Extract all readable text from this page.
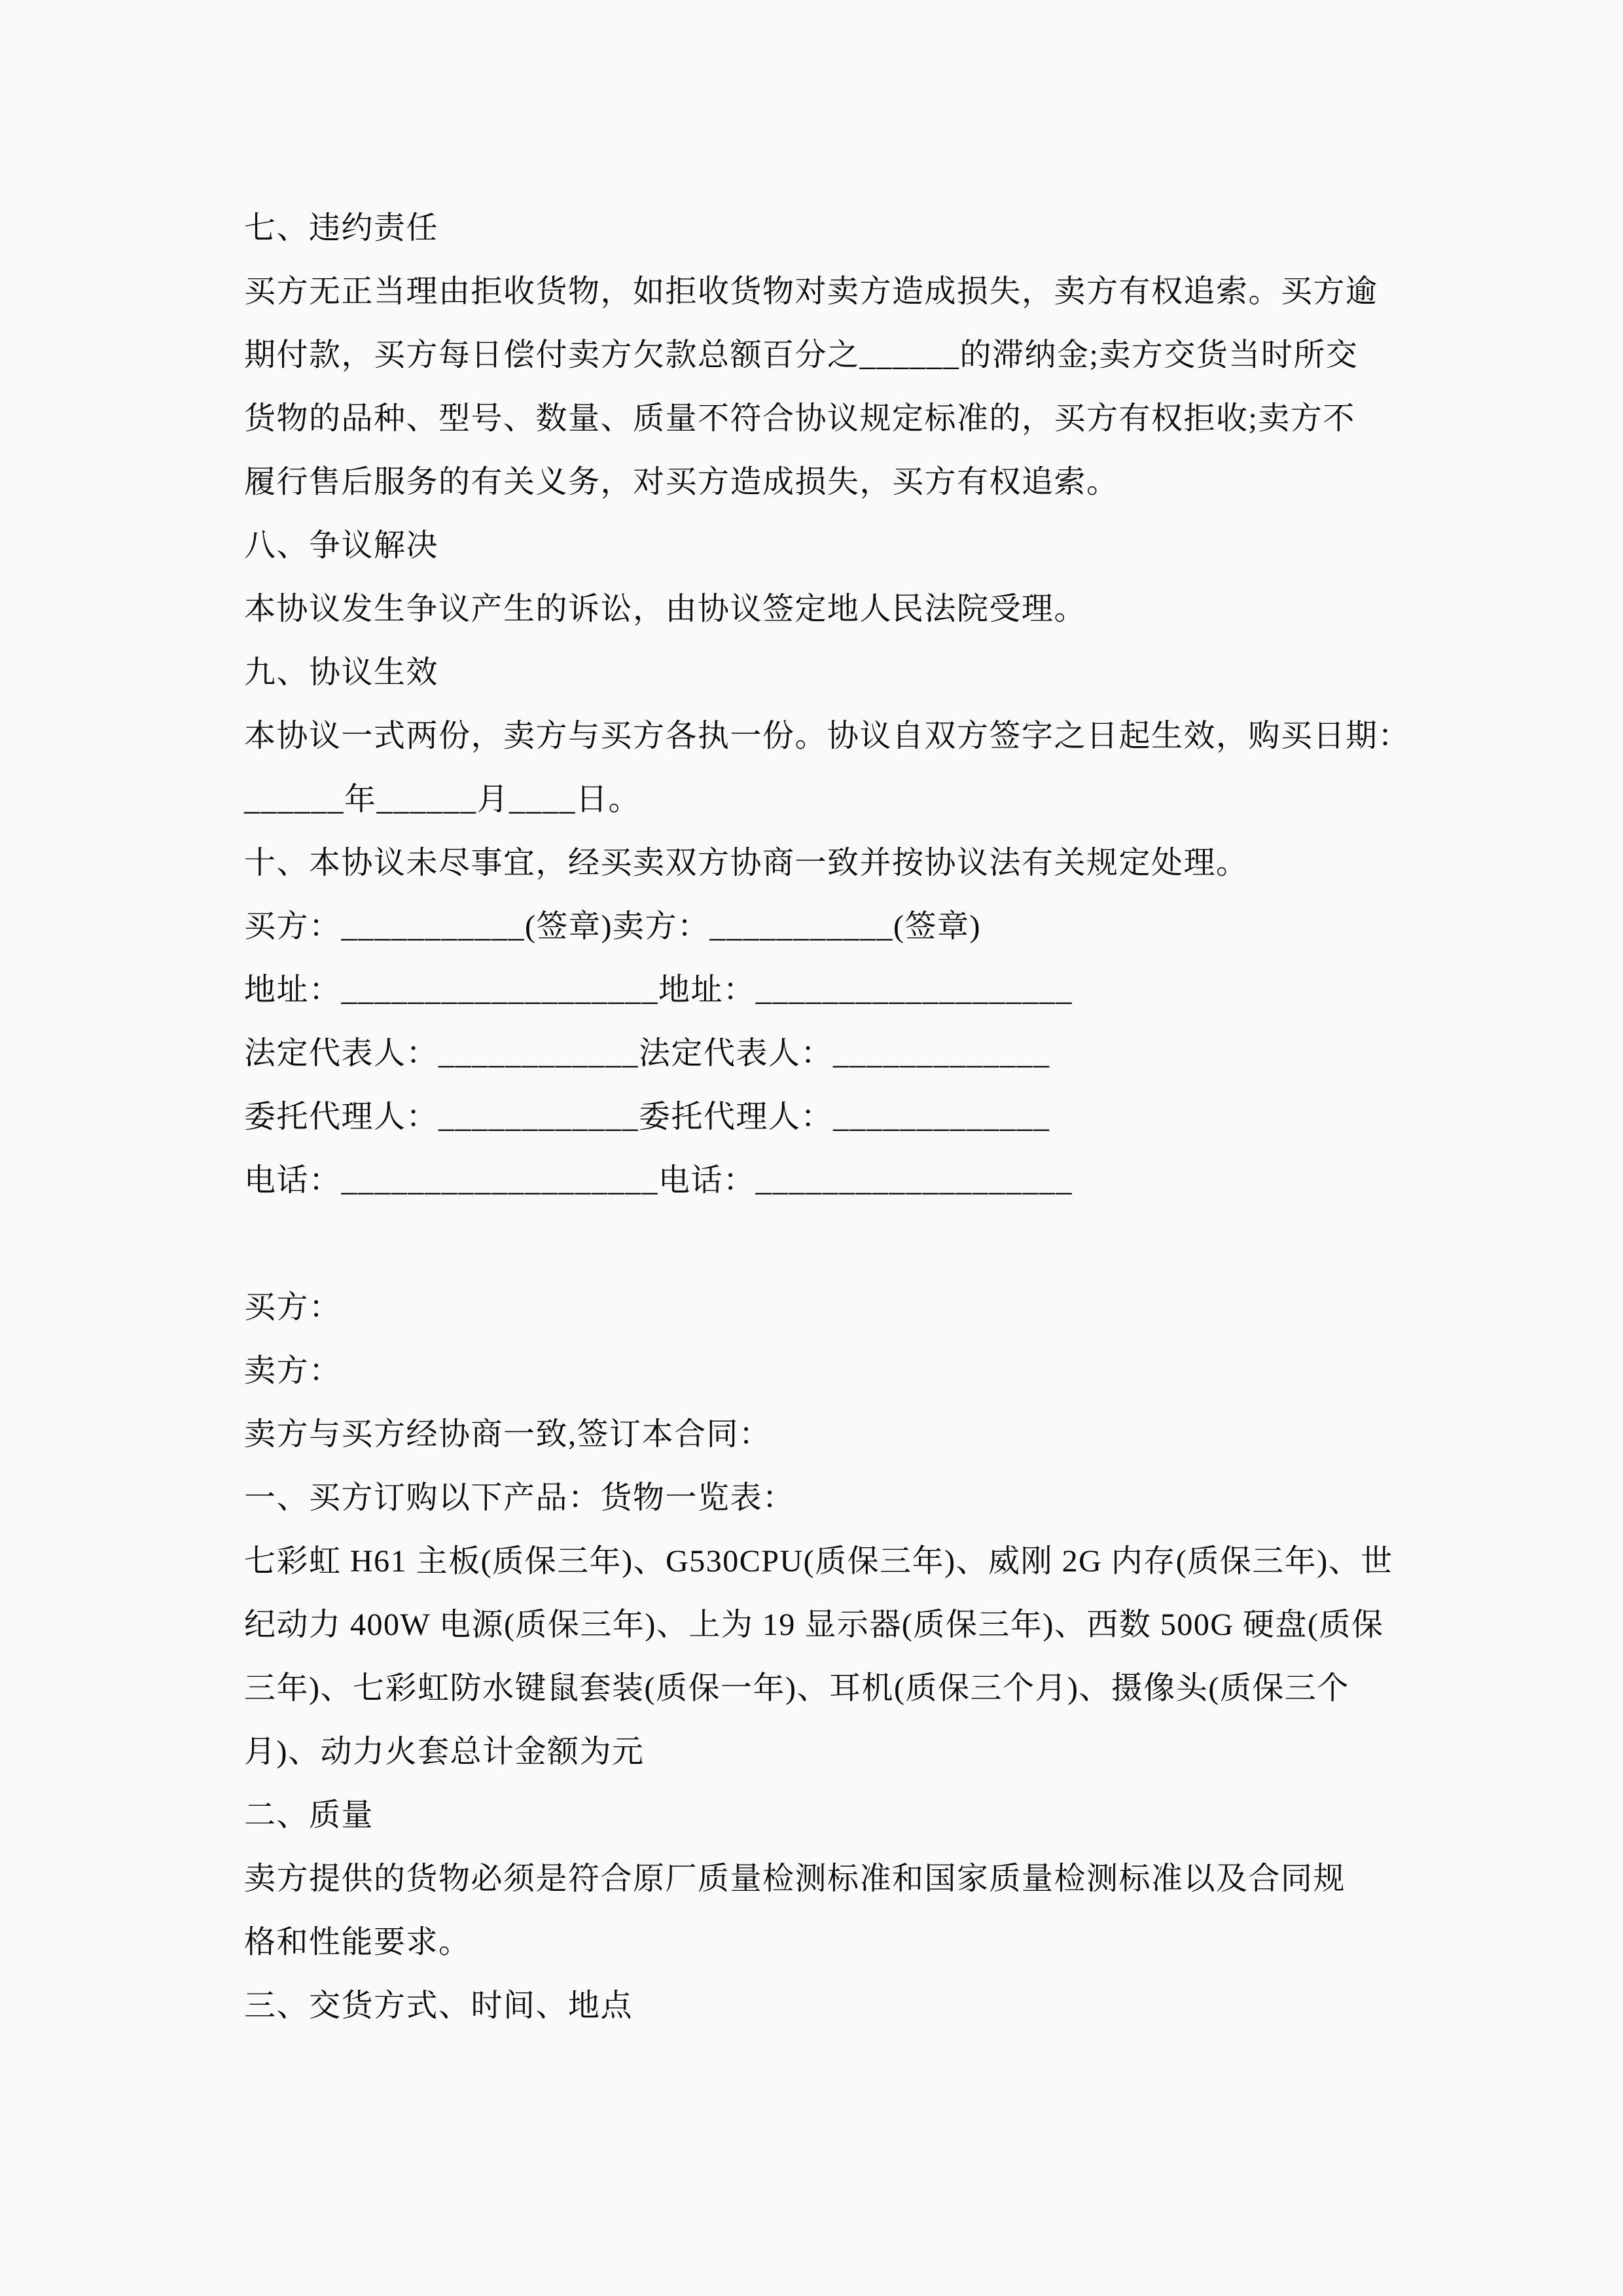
七、违约责任
买方无正当理由拒收货物，如拒收货物对卖方造成损失，卖方有权追索。买方逾
期付款，买方每日偿付卖方欠款总额百分之______的滞纳金;卖方交货当时所交
货物的品种、型号、数量、质量不符合协议规定标准的，买方有权拒收;卖方不
履行售后服务的有关义务，对买方造成损失，买方有权追索。
八、争议解决
本协议发生争议产生的诉讼，由协议签定地人民法院受理。
九、协议生效
本协议一式两份，卖方与买方各执一份。协议自双方签字之日起生效，购买日期：
______年______月____日。
十、本协议未尽事宜，经买卖双方协商一致并按协议法有关规定处理。
买方：___________(签章)卖方：___________(签章)
地址：___________________地址：___________________
法定代表人：____________法定代表人：_____________
委托代理人：____________委托代理人：_____________
电话：___________________电话：___________________
买方：
卖方：
卖方与买方经协商一致,签订本合同：
一、买方订购以下产品：货物一览表：
七彩虹 H61 主板(质保三年)、G530CPU(质保三年)、威刚 2G 内存(质保三年)、世
纪动力 400W 电源(质保三年)、上为 19 显示器(质保三年)、西数 500G 硬盘(质保
三年)、七彩虹防水键鼠套装(质保一年)、耳机(质保三个月)、摄像头(质保三个
月)、动力火套总计金额为元
二、质量
卖方提供的货物必须是符合原厂质量检测标准和国家质量检测标准以及合同规
格和性能要求。
三、交货方式、时间、地点
